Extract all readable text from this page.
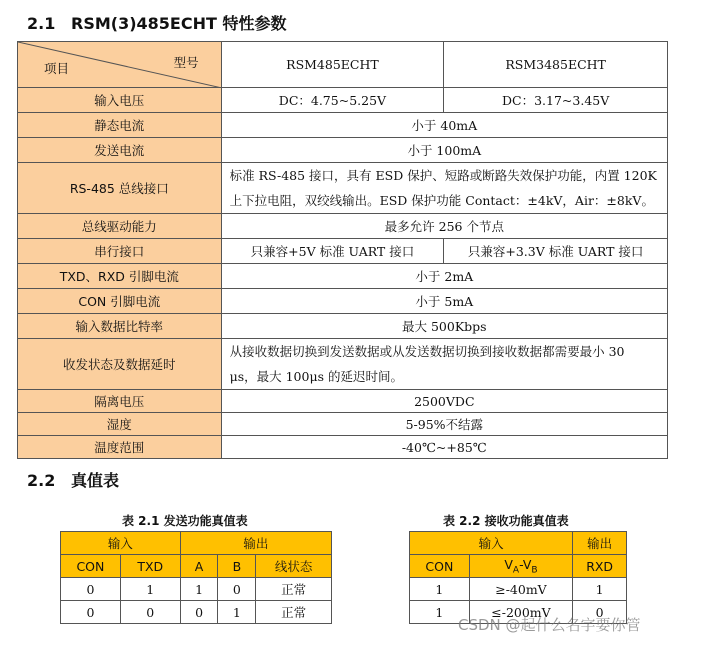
2.1 RSM(3)485ECHT 特性参数
项目 型号	RSM485ECHT	RSM3485ECHT
输入电压	DC：4.75~5.25V	DC：3.17~3.45V
静态电流	小于 40mA	
发送电流	小于 100mA	
RS-485 总线接口	标准 RS-485 接口，具有 ESD 保护、短路或断路失效保护功能，内置 120K
上下拉电阻，双绞线输出。ESD 保护功能 Contact：±4kV，Air：±8kV。	

总线驱动能力	最多允许 256 个节点	
串行接口	只兼容+5V 标准 UART 接口	只兼容+3.3V 标准 UART 接口
TXD、RXD 引脚电流	小于 2mA	
CON 引脚电流	小于 5mA	
输入数据比特率	最大 500Kbps	
收发状态及数据延时	从接收数据切换到发送数据或从发送数据切换到接收数据都需要最小 30
μs，最大 100μs 的延迟时间。	

隔离电压	2500VDC	
湿度	5-95%不结露	
温度范围	-40℃~+85℃	
2.2 真值表
表 2.1 发送功能真值表
输入		输出		
CON	TXD	A	B	线状态
0	1	1	0	正常
0	0	0	1	正常
表 2.2 接收功能真值表
输入		输出
CON	$V_A-V_B$	RXD
1	≥-40mV	1
1	≤-200mV	0
CSDN @起什么名字要你管
